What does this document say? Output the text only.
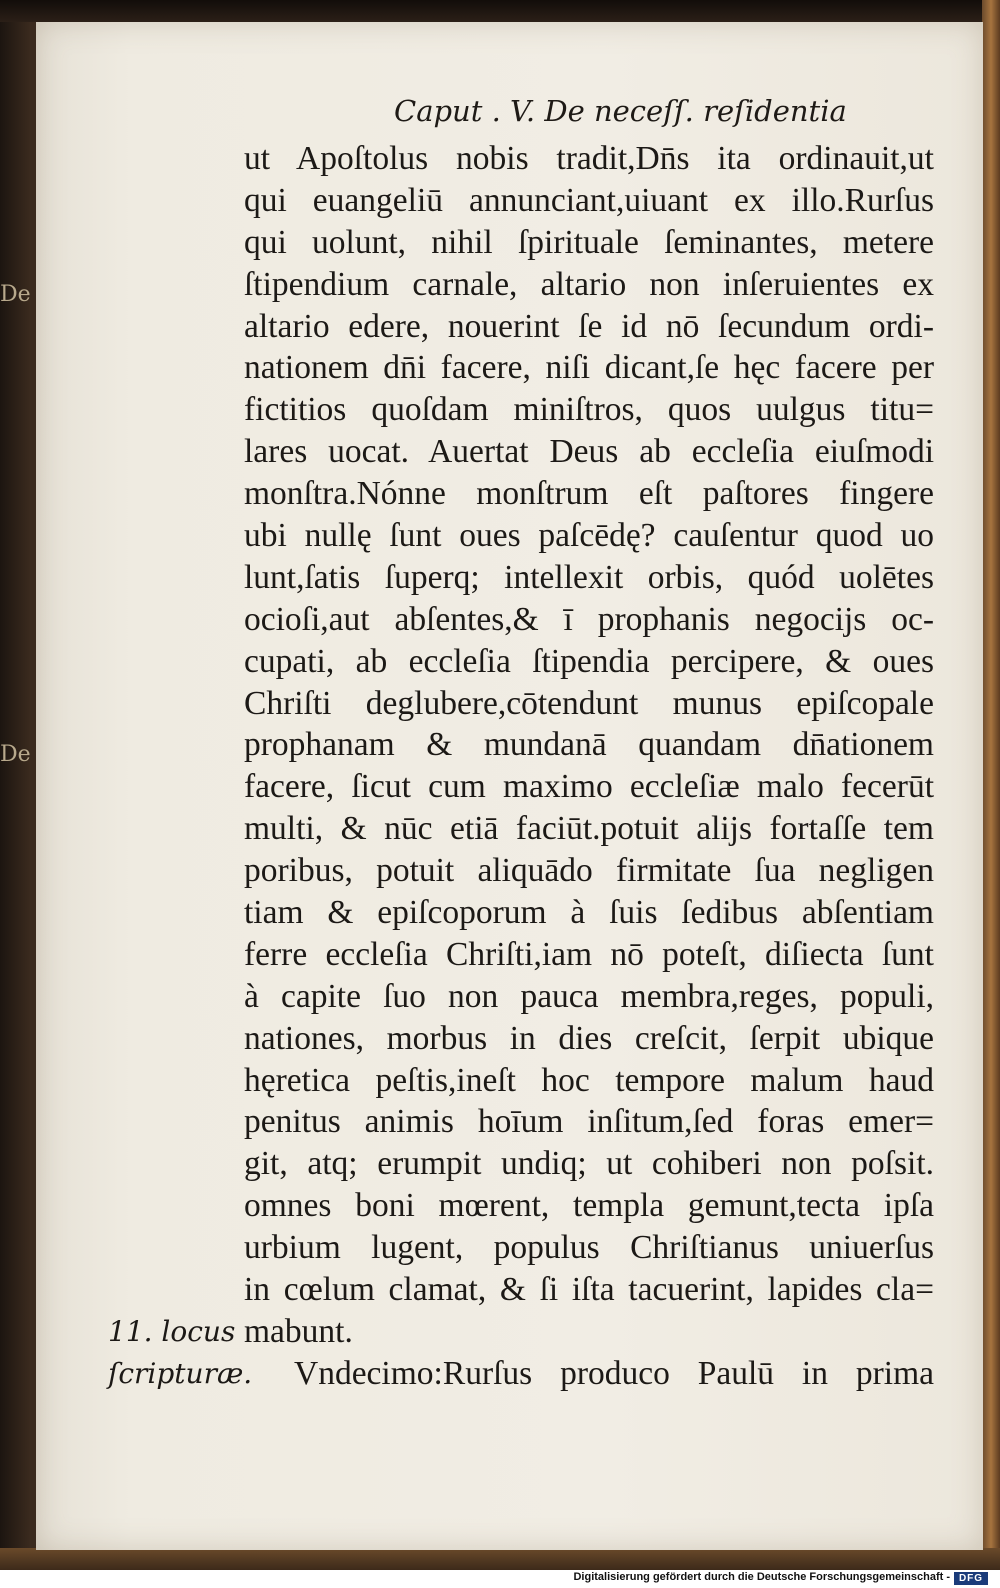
De
De
Caput . V. De neceſſ. reſidentia
ut Apoſtolus nobis tradit,Dn̄s ita ordinauit,ut
qui euangeliū annunciant,uiuant ex illo.Rurſus
qui uolunt, nihil ſpirituale ſeminantes, metere
ſtipendium carnale, altario non inſeruientes ex
altario edere, nouerint ſe id nō ſecundum ordi-
nationem dn̄i facere, niſi dicant,ſe hęc facere per
fictitios quoſdam miniſtros, quos uulgus titu=
lares uocat. Auertat Deus ab eccleſia eiuſmodi
monſtra.Nónne monſtrum eſt paſtores fingere
ubi nullę ſunt oues paſcēdę? cauſentur quod uo
lunt,ſatis ſuperq; intellexit orbis, quód uolētes
ocioſi,aut abſentes,& ī prophanis negocijs oc-
cupati, ab eccleſia ſtipendia percipere, & oues
Chriſti deglubere,cōtendunt munus epiſcopale
prophanam & mundanā quandam dn̄ationem
facere, ſicut cum maximo eccleſiæ malo fecerūt
multi, & nūc etiā faciūt.potuit alijs fortaſſe tem
poribus, potuit aliquādo firmitate ſua negligen
tiam & epiſcoporum à ſuis ſedibus abſentiam
ferre eccleſia Chriſti,iam nō poteſt, diſiecta ſunt
à capite ſuo non pauca membra,reges, populi,
nationes, morbus in dies creſcit, ſerpit ubique
hęretica peſtis,ineſt hoc tempore malum haud
penitus animis hoīum inſitum,ſed foras emer=
git, atq; erumpit undiq; ut cohiberi non poſsit.
omnes boni mœrent, templa gemunt,tecta ipſa
urbium lugent, populus Chriſtianus uniuerſus
in cœlum clamat, & ſi iſta tacuerint, lapides cla=
mabunt.
Vndecimo:Rurſus produco Paulū in prima
11. locus
ſcripturæ.
Digitalisierung gefördert durch die Deutsche Forschungsgemeinschaft - DFG
